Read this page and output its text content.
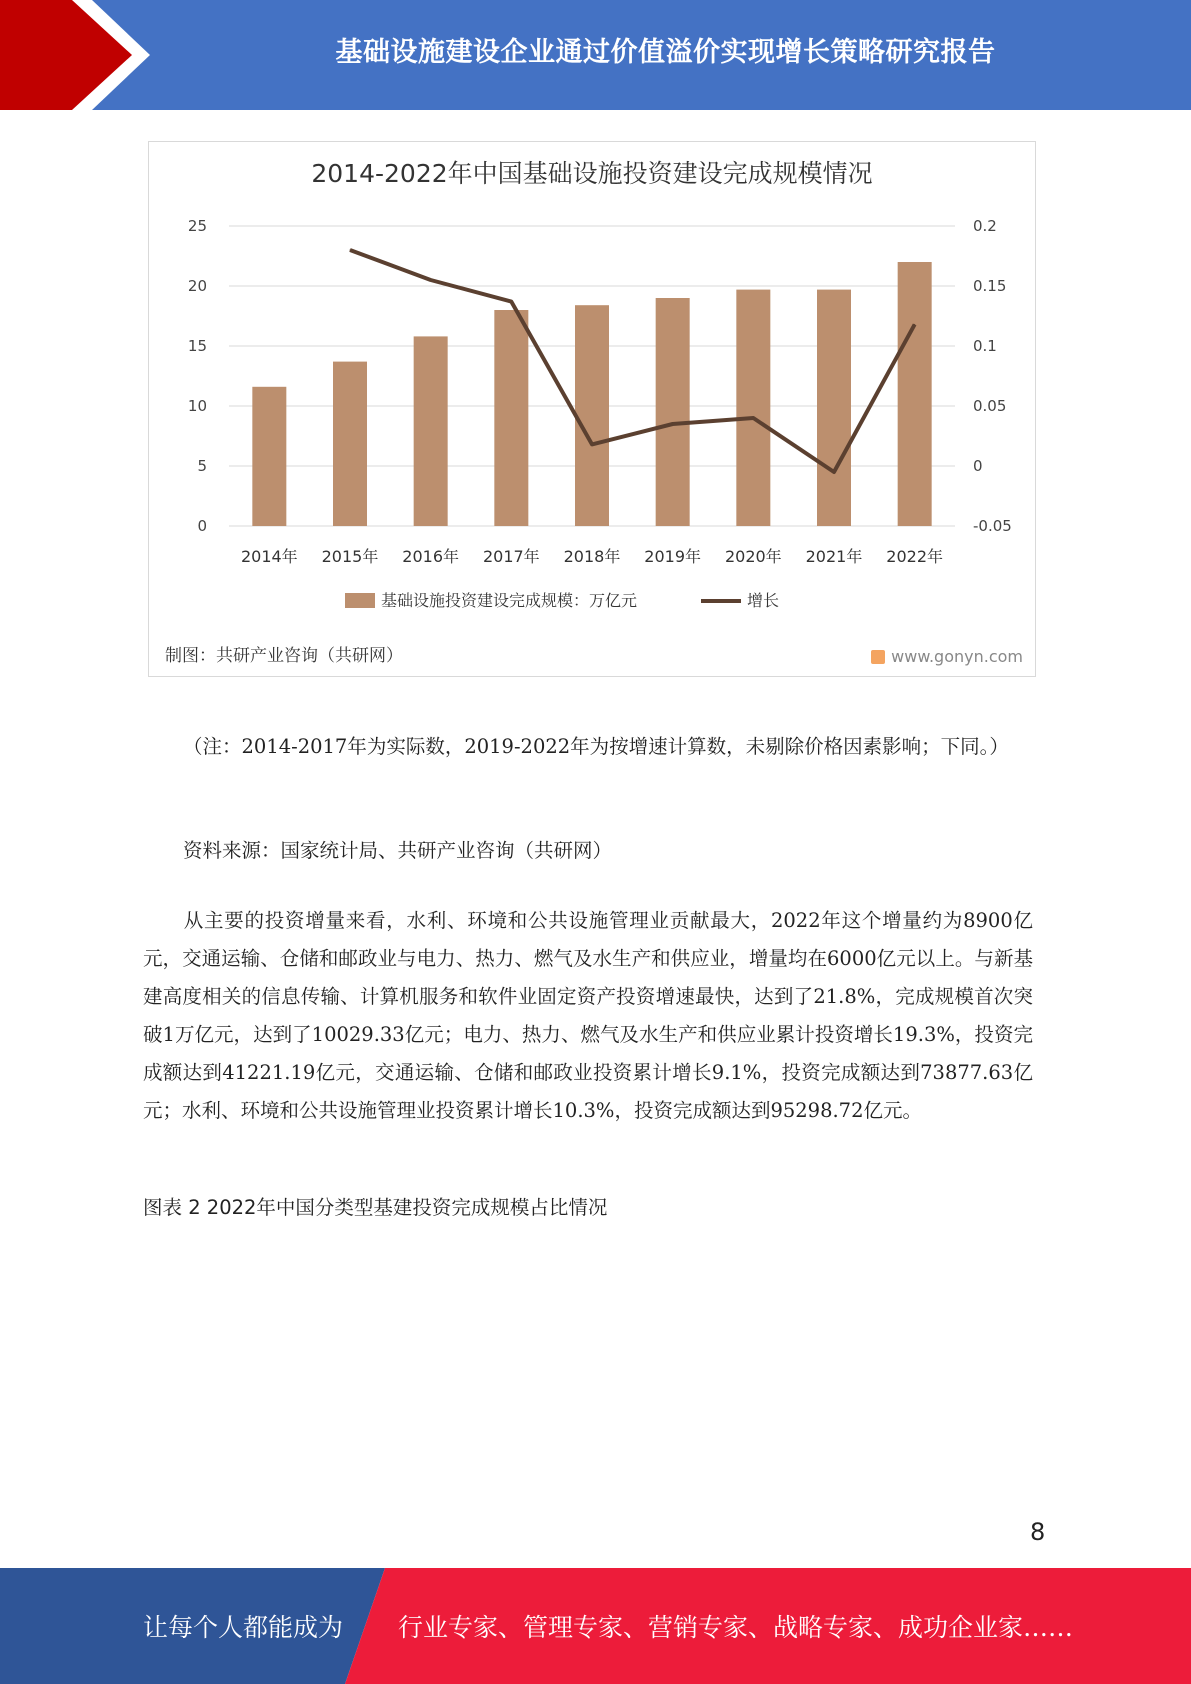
基础设施建设企业通过价值溢价实现增长策略研究报告
2014-2022年中国基础设施投资建设完成规模情况
25
20
15
10
5
0
0.2
0.15
0.1
0.05
0
-0.05
2014年 2015年 2016年 2017年 2018年 2019年 2020年 2021年 2022年
基础设施投资建设完成规模：万亿元	增长
制图：共研产业咨询（共研网）	www.gonyn.com
（注：2014-2017年为实际数，2019-2022年为按增速计算数，未剔除价格因素影响；下同。）
资料来源：国家统计局、共研产业咨询（共研网）
从主要的投资增量来看，水利、环境和公共设施管理业贡献最大，2022年这个增量约为8900亿元，交通运输、仓储和邮政业与电力、热力、燃气及水生产和供应业，增量均在6000亿元以上。与新基建高度相关的信息传输、计算机服务和软件业固定资产投资增速最快，达到了21.8%，完成规模首次突破1万亿元，达到了10029.33亿元；电力、热力、燃气及水生产和供应业累计投资增长19.3%，投资完成额达到41221.19亿元，交通运输、仓储和邮政业投资累计增长9.1%，投资完成额达到73877.63亿元；水利、环境和公共设施管理业投资累计增长10.3%，投资完成额达到95298.72亿元。
图表 2 2022年中国分类型基建投资完成规模占比情况
8
让每个人都能成为 行业专家、管理专家、营销专家、战略专家、成功企业家……
